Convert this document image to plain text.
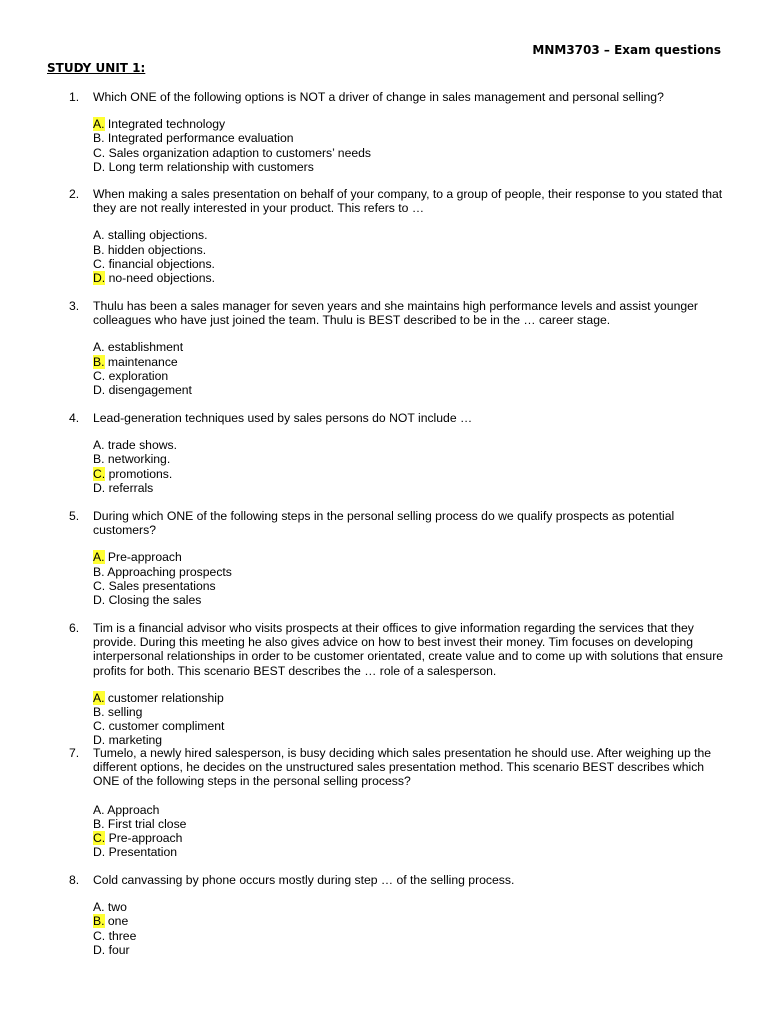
MNM3703 – Exam questions
STUDY UNIT 1:
1. Which ONE of the following options is NOT a driver of change in sales management and personal selling?
A. Integrated technology
B. Integrated performance evaluation
C. Sales organization adaption to customers’ needs
D. Long term relationship with customers
2. When making a sales presentation on behalf of your company, to a group of people, their response to you stated that they are not really interested in your product. This refers to …
A. stalling objections.
B. hidden objections.
C. financial objections.
D. no-need objections.
3. Thulu has been a sales manager for seven years and she maintains high performance levels and assist younger colleagues who have just joined the team. Thulu is BEST described to be in the … career stage.
A. establishment
B. maintenance
C. exploration
D. disengagement
4. Lead-generation techniques used by sales persons do NOT include …
A. trade shows.
B. networking.
C. promotions.
D. referrals
5. During which ONE of the following steps in the personal selling process do we qualify prospects as potential customers?
A. Pre-approach
B. Approaching prospects
C. Sales presentations
D. Closing the sales
6. Tim is a financial advisor who visits prospects at their offices to give information regarding the services that they provide. During this meeting he also gives advice on how to best invest their money. Tim focuses on developing interpersonal relationships in order to be customer orientated, create value and to come up with solutions that ensure profits for both. This scenario BEST describes the … role of a salesperson.
A. customer relationship
B. selling
C. customer compliment
D. marketing
7. Tumelo, a newly hired salesperson, is busy deciding which sales presentation he should use. After weighing up the different options, he decides on the unstructured sales presentation method. This scenario BEST describes which ONE of the following steps in the personal selling process?
A. Approach
B. First trial close
C. Pre-approach
D. Presentation
8. Cold canvassing by phone occurs mostly during step … of the selling process.
A. two
B. one
C. three
D. four
